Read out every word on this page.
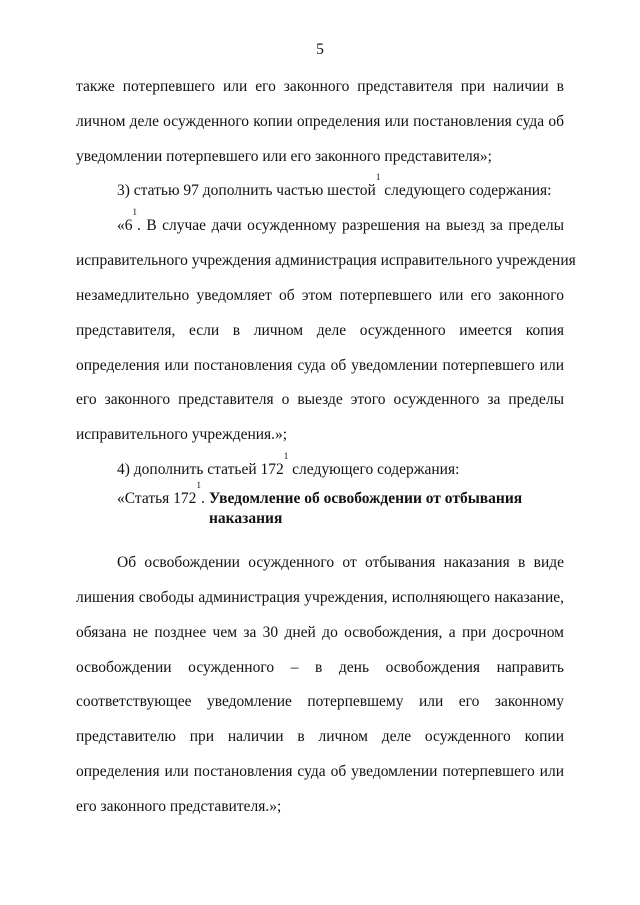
5
также потерпевшего или его законного представителя при наличии в
личном деле осужденного копии определения или постановления суда об
уведомлении потерпевшего или его законного представителя»;
3) статью 97 дополнить частью шестой$^1$ следующего содержания:
«$6^1$. В случае дачи осужденному разрешения на выезд за пределы
исправительного учреждения администрация исправительного учреждения
незамедлительно уведомляет об этом потерпевшего или его законного
представителя, если в личном деле осужденного имеется копия
определения или постановления суда об уведомлении потерпевшего или
его законного представителя о выезде этого осужденного за пределы
исправительного учреждения.»;
4) дополнить статьей $172^1$ следующего содержания:
«Статья $172^1$. Уведомление об освобождении от отбывания
наказания
Об освобождении осужденного от отбывания наказания в виде
лишения свободы администрация учреждения, исполняющего наказание,
обязана не позднее чем за 30 дней до освобождения, а при досрочном
освобождении осужденного – в день освобождения направить
соответствующее уведомление потерпевшему или его законному
представителю при наличии в личном деле осужденного копии
определения или постановления суда об уведомлении потерпевшего или
его законного представителя.»;
